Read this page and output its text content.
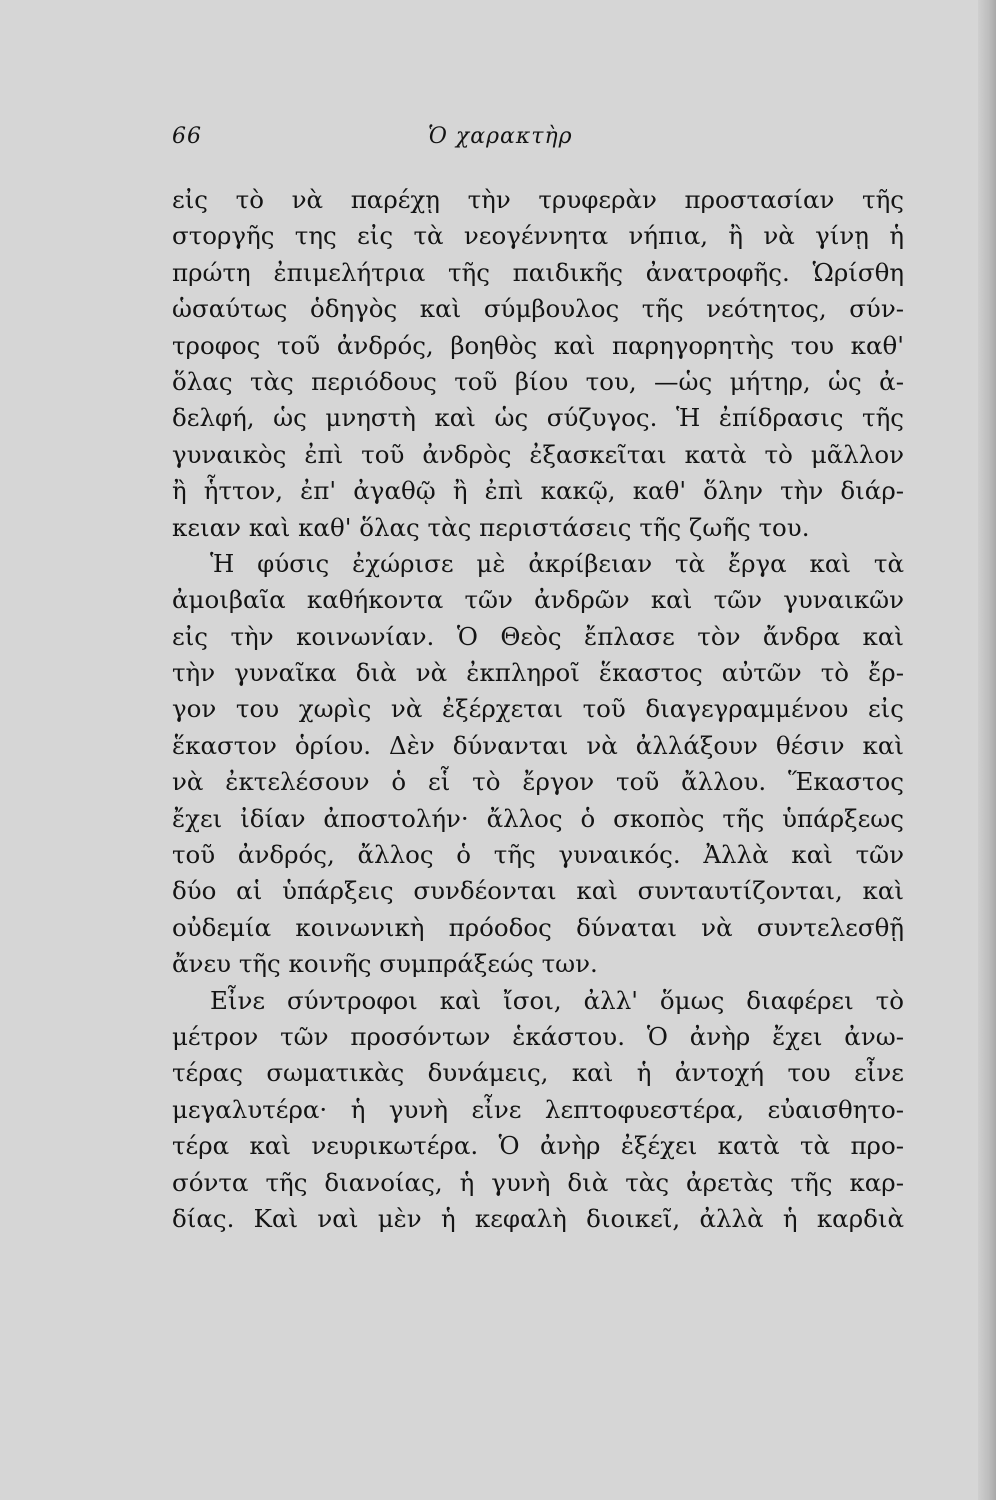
66	Ὁ χαρακτὴρ
εἰς τὸ νὰ παρέχῃ τὴν τρυφερὰν προστασίαν τῆς
στοργῆς της εἰς τὰ νεογέννητα νήπια, ἢ νὰ γίνῃ ἡ
πρώτη ἐπιμελήτρια τῆς παιδικῆς ἀνατροφῆς. Ὡρίσθη
ὡσαύτως ὁδηγὸς καὶ σύμβουλος τῆς νεότητος, σύν-
τροφος τοῦ ἀνδρός, βοηθὸς καὶ παρηγορητὴς του καθ'
ὅλας τὰς περιόδους τοῦ βίου του, —ὡς μήτηρ, ὡς ἀ-
δελφή, ὡς μνηστὴ καὶ ὡς σύζυγος. Ἡ ἐπίδρασις τῆς
γυναικὸς ἐπὶ τοῦ ἀνδρὸς ἐξασκεῖται κατὰ τὸ μᾶλλον
ἢ ἧττον, ἐπ' ἀγαθῷ ἢ ἐπὶ κακῷ, καθ' ὅλην τὴν διάρ-
κειαν καὶ καθ' ὅλας τὰς περιστάσεις τῆς ζωῆς του.
Ἡ φύσις ἐχώρισε μὲ ἀκρίβειαν τὰ ἔργα καὶ τὰ
ἀμοιβαῖα καθήκοντα τῶν ἀνδρῶν καὶ τῶν γυναικῶν
εἰς τὴν κοινωνίαν. Ὁ Θεὸς ἔπλασε τὸν ἄνδρα καὶ
τὴν γυναῖκα διὰ νὰ ἐκπληροῖ ἕκαστος αὐτῶν τὸ ἔρ-
γον του χωρὶς νὰ ἐξέρχεται τοῦ διαγεγραμμένου εἰς
ἕκαστον ὁρίου. Δὲν δύνανται νὰ ἀλλάξουν θέσιν καὶ
νὰ ἐκτελέσουν ὁ εἷ τὸ ἔργον τοῦ ἄλλου. Ἕκαστος
ἔχει ἰδίαν ἀποστολήν· ἄλλος ὁ σκοπὸς τῆς ὑπάρξεως
τοῦ ἀνδρός, ἄλλος ὁ τῆς γυναικός. Ἀλλὰ καὶ τῶν
δύο αἱ ὑπάρξεις συνδέονται καὶ συνταυτίζονται, καὶ
οὐδεμία κοινωνικὴ πρόοδος δύναται νὰ συντελεσθῇ
ἄνευ τῆς κοινῆς συμπράξεώς των.
Εἶνε σύντροφοι καὶ ἴσοι, ἀλλ' ὅμως διαφέρει τὸ
μέτρον τῶν προσόντων ἑκάστου. Ὁ ἀνὴρ ἔχει ἀνω-
τέρας σωματικὰς δυνάμεις, καὶ ἡ ἀντοχή του εἶνε
μεγαλυτέρα· ἡ γυνὴ εἶνε λεπτοφυεστέρα, εὐαισθητο-
τέρα καὶ νευρικωτέρα. Ὁ ἀνὴρ ἐξέχει κατὰ τὰ προ-
σόντα τῆς διανοίας, ἡ γυνὴ διὰ τὰς ἀρετὰς τῆς καρ-
δίας. Καὶ ναὶ μὲν ἡ κεφαλὴ διοικεῖ, ἀλλὰ ἡ καρδιὰ
